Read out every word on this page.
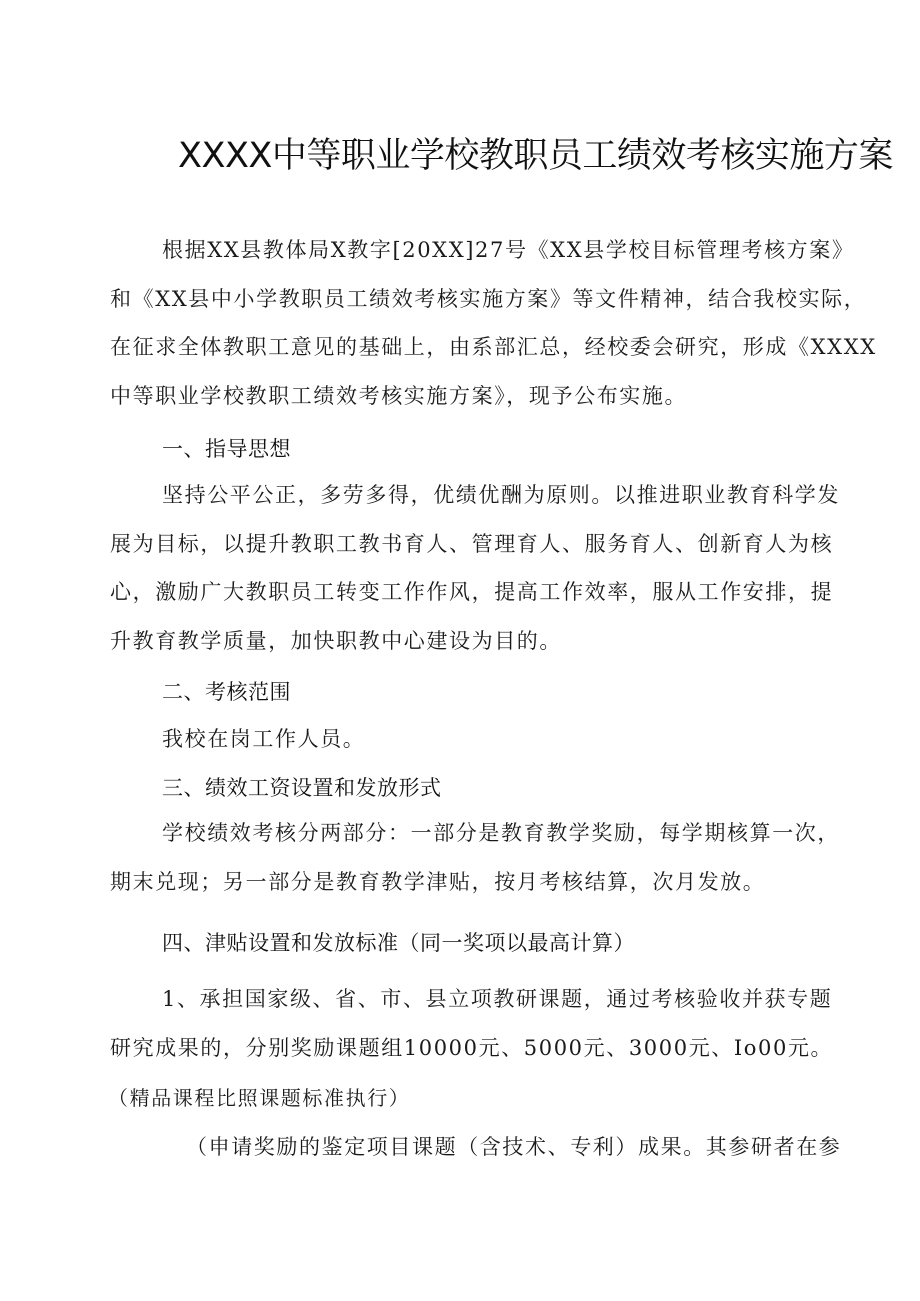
XXXX中等职业学校教职员工绩效考核实施方案
根据XX县教体局X教字[20XX]27号《XX县学校目标管理考核方案》
和《XX县中小学教职员工绩效考核实施方案》等文件精神，结合我校实际，
在征求全体教职工意见的基础上，由系部汇总，经校委会研究，形成《XXXX
中等职业学校教职工绩效考核实施方案》，现予公布实施。
一、指导思想
坚持公平公正，多劳多得，优绩优酬为原则。以推进职业教育科学发
展为目标，以提升教职工教书育人、管理育人、服务育人、创新育人为核
心，激励广大教职员工转变工作作风，提高工作效率，服从工作安排，提
升教育教学质量，加快职教中心建设为目的。
二、考核范围
我校在岗工作人员。
三、绩效工资设置和发放形式
学校绩效考核分两部分：一部分是教育教学奖励，每学期核算一次，
期末兑现；另一部分是教育教学津贴，按月考核结算，次月发放。
四、津贴设置和发放标准（同一奖项以最高计算）
1、承担国家级、省、市、县立项教研课题，通过考核验收并获专题
研究成果的，分别奖励课题组10000元、5000元、3000元、Io00元。
（精品课程比照课题标准执行）
（申请奖励的鉴定项目课题（含技术、专利）成果。其参研者在参
